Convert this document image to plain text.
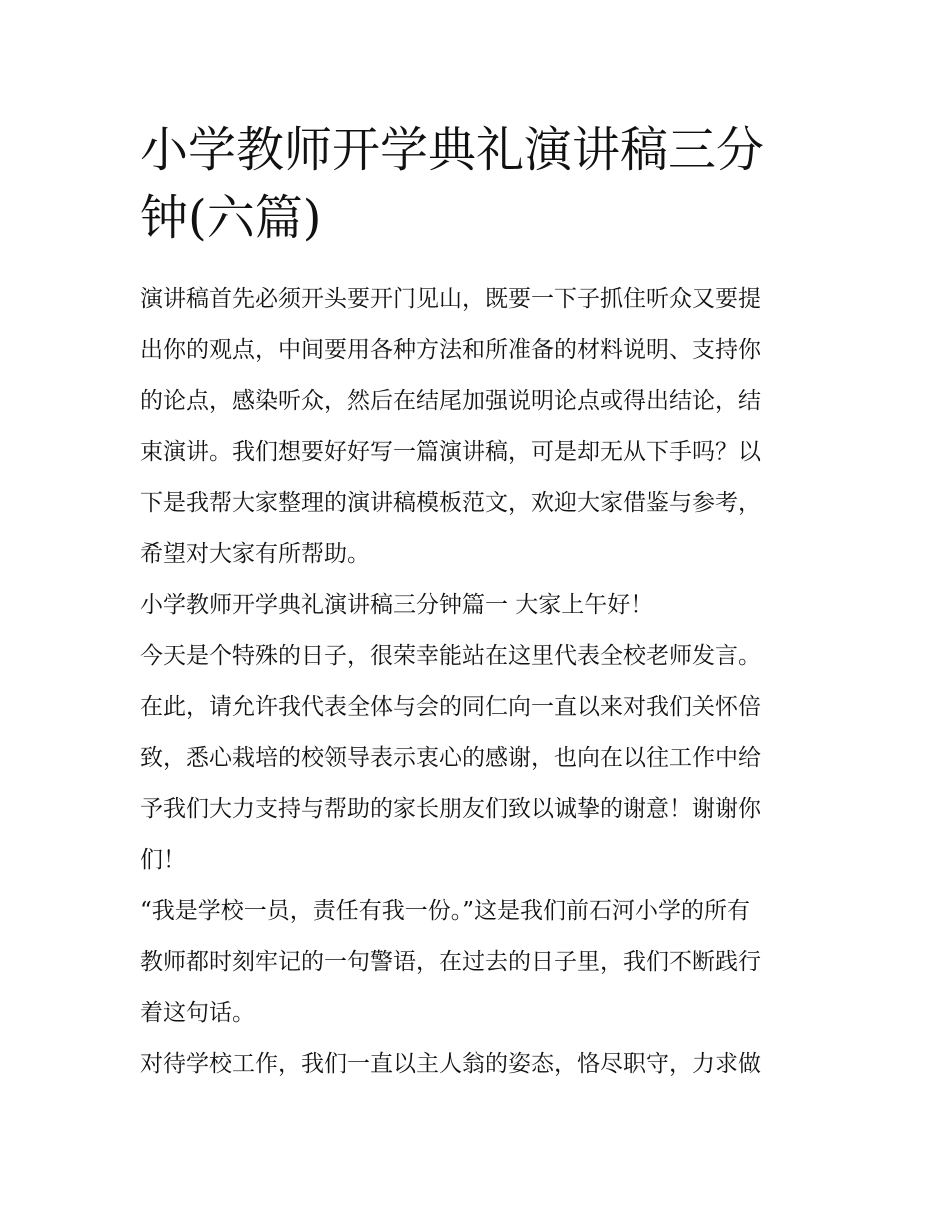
小学教师开学典礼演讲稿三分
钟(六篇)

演讲稿首先必须开头要开门见山，既要一下子抓住听众又要提
出你的观点，中间要用各种方法和所准备的材料说明、支持你
的论点，感染听众，然后在结尾加强说明论点或得出结论，结
束演讲。我们想要好好写一篇演讲稿，可是却无从下手吗？以
下是我帮大家整理的演讲稿模板范文，欢迎大家借鉴与参考，
希望对大家有所帮助。

小学教师开学典礼演讲稿三分钟篇一 大家上午好！

今天是个特殊的日子，很荣幸能站在这里代表全校老师发言。
在此，请允许我代表全体与会的同仁向一直以来对我们关怀倍
致，悉心栽培的校领导表示衷心的感谢，也向在以往工作中给
予我们大力支持与帮助的家长朋友们致以诚挚的谢意！谢谢你
们！

“我是学校一员，责任有我一份。”这是我们前石河小学的所有
教师都时刻牢记的一句警语，在过去的日子里，我们不断践行
着这句话。

对待学校工作，我们一直以主人翁的姿态，恪尽职守，力求做
